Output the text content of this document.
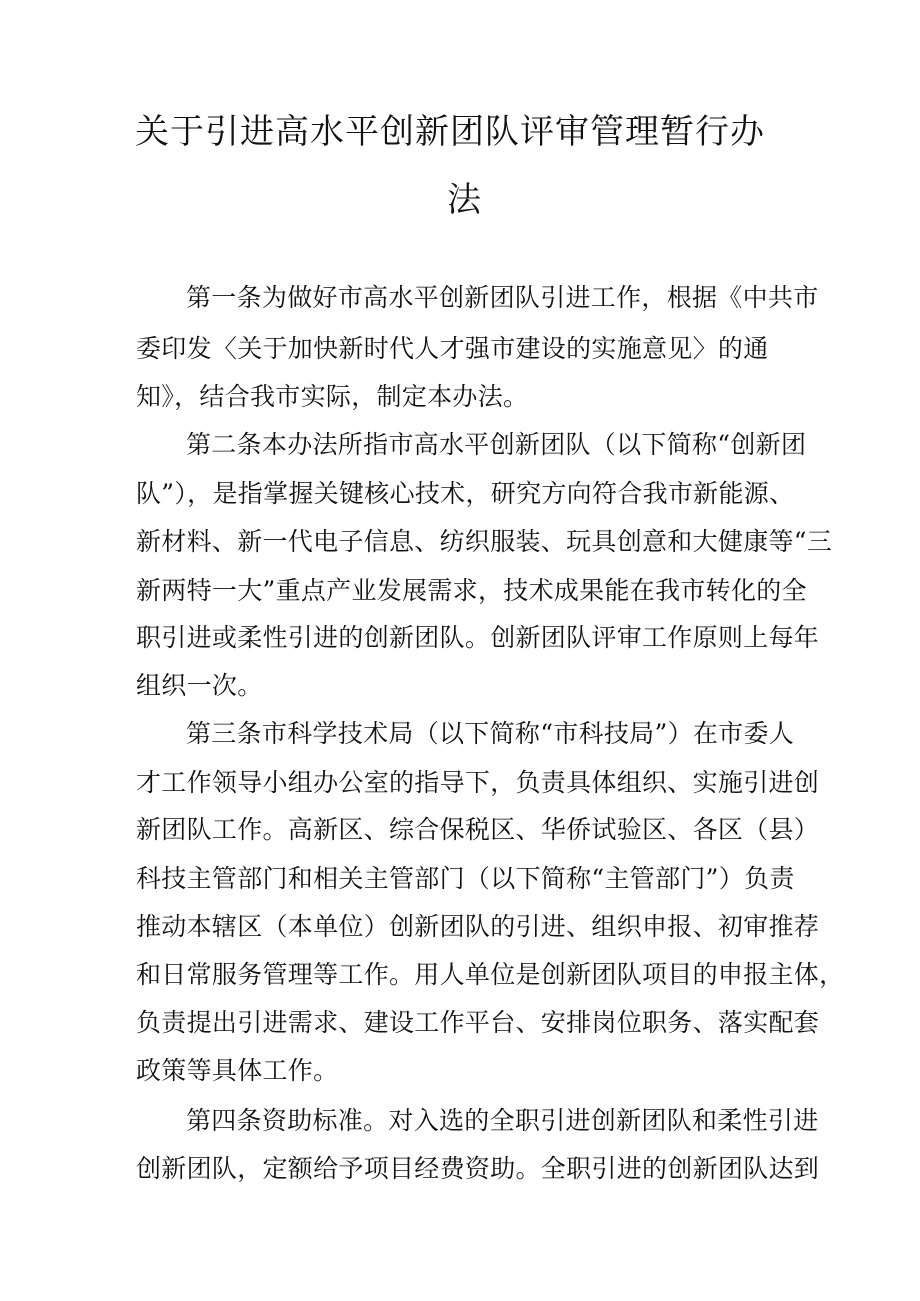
关于引进高水平创新团队评审管理暂行办
法
第一条为做好市高水平创新团队引进工作，根据《中共市
委印发〈关于加快新时代人才强市建设的实施意见〉的通
知》，结合我市实际，制定本办法。
第二条本办法所指市高水平创新团队（以下简称“创新团
队”），是指掌握关键核心技术，研究方向符合我市新能源、
新材料、新一代电子信息、纺织服装、玩具创意和大健康等“三
新两特一大”重点产业发展需求，技术成果能在我市转化的全
职引进或柔性引进的创新团队。创新团队评审工作原则上每年
组织一次。
第三条市科学技术局（以下简称“市科技局”）在市委人
才工作领导小组办公室的指导下，负责具体组织、实施引进创
新团队工作。高新区、综合保税区、华侨试验区、各区（县）
科技主管部门和相关主管部门（以下简称“主管部门”）负责
推动本辖区（本单位）创新团队的引进、组织申报、初审推荐
和日常服务管理等工作。用人单位是创新团队项目的申报主体，
负责提出引进需求、建设工作平台、安排岗位职务、落实配套
政策等具体工作。
第四条资助标准。对入选的全职引进创新团队和柔性引进
创新团队，定额给予项目经费资助。全职引进的创新团队达到
